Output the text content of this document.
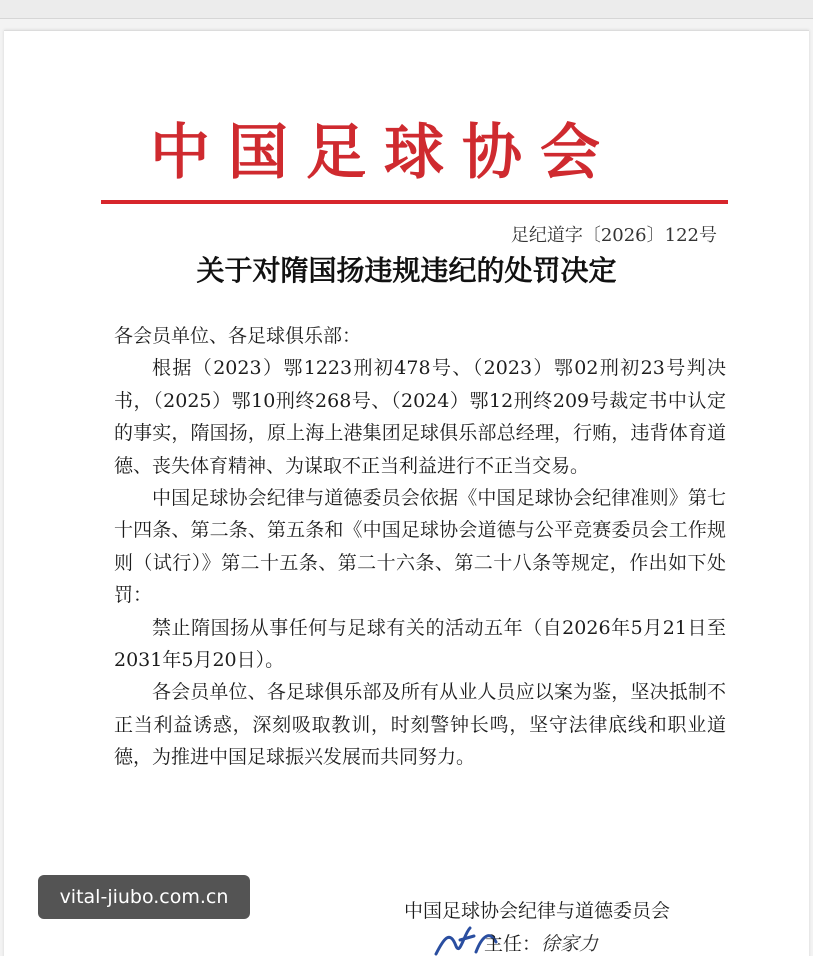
中国足球协会
足纪道字〔2026〕122号
关于对隋国扬违规违纪的处罚决定

各会员单位、各足球俱乐部：

根据（2023）鄂1223刑初478号、（2023）鄂02刑初23号判决书，（2025）鄂10刑终268号、（2024）鄂12刑终209号裁定书中认定的事实，隋国扬，原上海上港集团足球俱乐部总经理，行贿，违背体育道德、丧失体育精神、为谋取不正当利益进行不正当交易。

中国足球协会纪律与道德委员会依据《中国足球协会纪律准则》第七十四条、第二条、第五条和《中国足球协会道德与公平竞赛委员会工作规则（试行）》第二十五条、第二十六条、第二十八条等规定，作出如下处罚：

禁止隋国扬从事任何与足球有关的活动五年（自2026年5月21日至2031年5月20日）。

各会员单位、各足球俱乐部及所有从业人员应以案为鉴，坚决抵制不正当利益诱惑，深刻吸取教训，时刻警钟长鸣，坚守法律底线和职业道德，为推进中国足球振兴发展而共同努力。

中国足球协会纪律与道德委员会
主任：徐家力
vital-jiubo.com.cn
